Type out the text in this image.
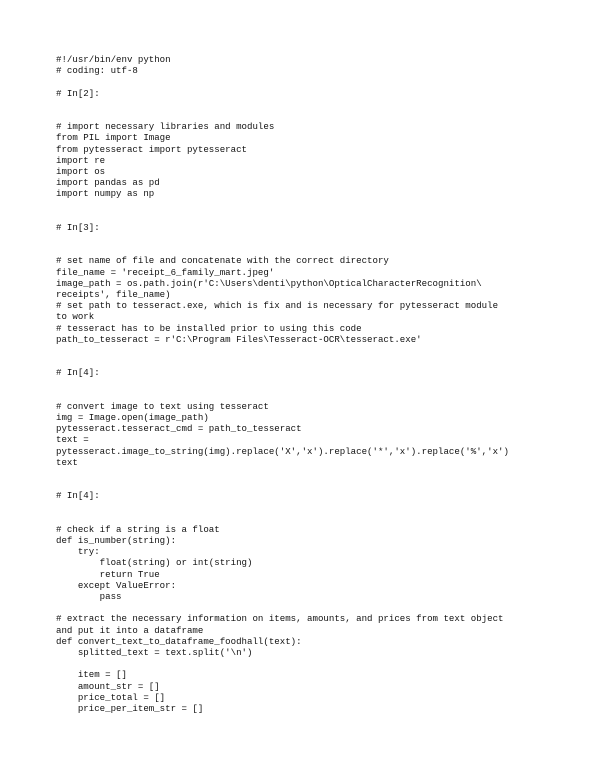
#!/usr/bin/env python
# coding: utf-8
# In[2]:
# import necessary libraries and modules
from PIL import Image
from pytesseract import pytesseract
import re
import os
import pandas as pd
import numpy as np
# In[3]:
# set name of file and concatenate with the correct directory
file_name = 'receipt_6_family_mart.jpeg'
image_path = os.path.join(r'C:\Users\denti\python\OpticalCharacterRecognition\
receipts', file_name)
# set path to tesseract.exe, which is fix and is necessary for pytesseract module
to work
# tesseract has to be installed prior to using this code
path_to_tesseract = r'C:\Program Files\Tesseract-OCR\tesseract.exe'
# In[4]:
# convert image to text using tesseract
img = Image.open(image_path)
pytesseract.tesseract_cmd = path_to_tesseract
text =
pytesseract.image_to_string(img).replace('X','x').replace('*','x').replace('%','x')
text
# In[4]:
# check if a string is a float
def is_number(string):
try:
float(string) or int(string)
return True
except ValueError:
pass
# extract the necessary information on items, amounts, and prices from text object
and put it into a dataframe
def convert_text_to_dataframe_foodhall(text):
splitted_text = text.split('\n')
item = []
amount_str = []
price_total = []
price_per_item_str = []
